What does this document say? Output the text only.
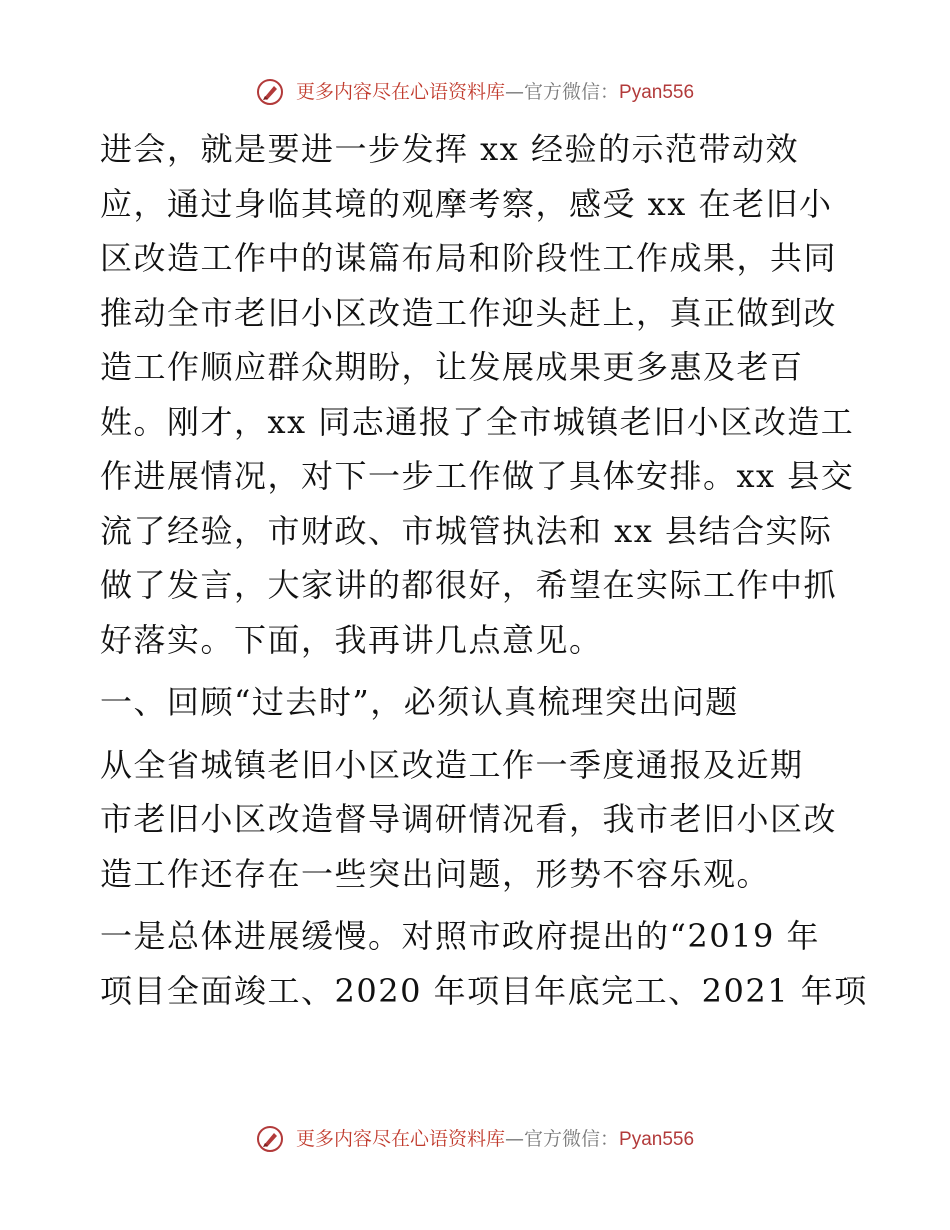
更多内容尽在心语资料库—官方微信：Pyan556
进会，就是要进一步发挥 xx 经验的示范带动效
应，通过身临其境的观摩考察，感受 xx 在老旧小
区改造工作中的谋篇布局和阶段性工作成果，共同
推动全市老旧小区改造工作迎头赶上，真正做到改
造工作顺应群众期盼，让发展成果更多惠及老百
姓。刚才，xx 同志通报了全市城镇老旧小区改造工
作进展情况，对下一步工作做了具体安排。xx 县交
流了经验，市财政、市城管执法和 xx 县结合实际
做了发言，大家讲的都很好，希望在实际工作中抓
好落实。下面，我再讲几点意见。
一、回顾“过去时”，必须认真梳理突出问题
从全省城镇老旧小区改造工作一季度通报及近期
市老旧小区改造督导调研情况看，我市老旧小区改
造工作还存在一些突出问题，形势不容乐观。
一是总体进展缓慢。对照市政府提出的“2019 年
项目全面竣工、2020 年项目年底完工、2021 年项
更多内容尽在心语资料库—官方微信：Pyan556
